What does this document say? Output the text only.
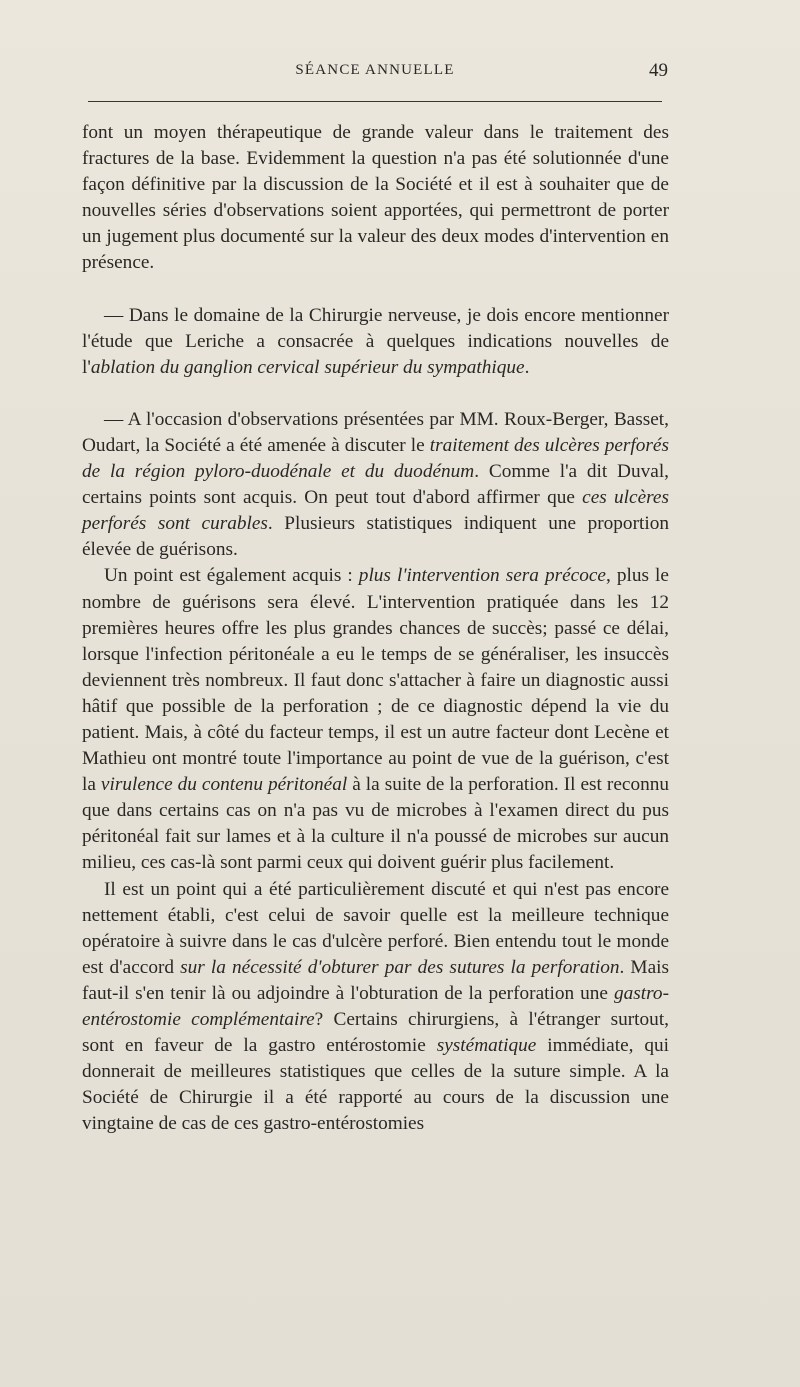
SÉANCE ANNUELLE	49

font un moyen thérapeutique de grande valeur dans le traitement des fractures de la base. Evidemment la question n'a pas été solutionnée d'une façon définitive par la discussion de la Société et il est à souhaiter que de nouvelles séries d'observations soient apportées, qui permettront de porter un jugement plus documenté sur la valeur des deux modes d'intervention en présence.

— Dans le domaine de la Chirurgie nerveuse, je dois encore mentionner l'étude que Leriche a consacrée à quelques indications nouvelles de l'ablation du ganglion cervical supérieur du sympathique.

— A l'occasion d'observations présentées par MM. Roux-Berger, Basset, Oudart, la Société a été amenée à discuter le traitement des ulcères perforés de la région pyloro-duodénale et du duodénum. Comme l'a dit Duval, certains points sont acquis. On peut tout d'abord affirmer que ces ulcères perforés sont curables. Plusieurs statistiques indiquent une proportion élevée de guérisons.

Un point est également acquis : plus l'intervention sera précoce, plus le nombre de guérisons sera élevé. L'intervention pratiquée dans les 12 premières heures offre les plus grandes chances de succès; passé ce délai, lorsque l'infection péritonéale a eu le temps de se généraliser, les insuccès deviennent très nombreux. Il faut donc s'attacher à faire un diagnostic aussi hâtif que possible de la perforation ; de ce diagnostic dépend la vie du patient. Mais, à côté du facteur temps, il est un autre facteur dont Lecène et Mathieu ont montré toute l'importance au point de vue de la guérison, c'est la virulence du contenu péritonéal à la suite de la perforation. Il est reconnu que dans certains cas on n'a pas vu de microbes à l'examen direct du pus péritonéal fait sur lames et à la culture il n'a poussé de microbes sur aucun milieu, ces cas-là sont parmi ceux qui doivent guérir plus facilement.

Il est un point qui a été particulièrement discuté et qui n'est pas encore nettement établi, c'est celui de savoir quelle est la meilleure technique opératoire à suivre dans le cas d'ulcère perforé. Bien entendu tout le monde est d'accord sur la nécessité d'obturer par des sutures la perforation. Mais faut-il s'en tenir là ou adjoindre à l'obturation de la perforation une gastro-entérostomie complémentaire? Certains chirurgiens, à l'étranger surtout, sont en faveur de la gastro entérostomie systématique immédiate, qui donnerait de meilleures statistiques que celles de la suture simple. A la Société de Chirurgie il a été rapporté au cours de la discussion une vingtaine de cas de ces gastro-entérostomies
